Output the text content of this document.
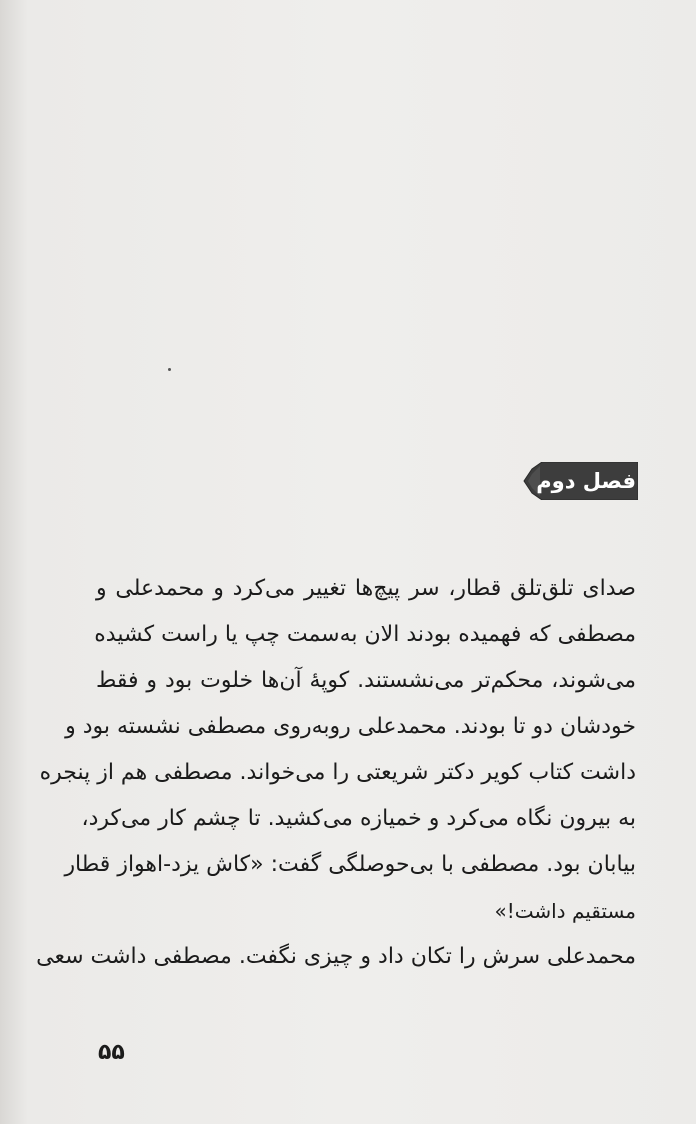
فصل دوم
صدای تلق‌تلق قطار، سر پیچ‌ها تغییر می‌کرد و محمدعلی و
مصطفی که فهمیده بودند الان به‌سمت چپ یا راست کشیده
می‌شوند، محکم‌تر می‌نشستند. کوپهٔ آن‌ها خلوت بود و فقط
خودشان دو تا بودند. محمدعلی روبه‌روی مصطفی نشسته بود و
داشت کتاب کویر دکتر شریعتی را می‌خواند. مصطفی هم از پنجره
به بیرون نگاه می‌کرد و خمیازه می‌کشید. تا چشم کار می‌کرد،
بیابان بود. مصطفی با بی‌حوصلگی گفت: «کاش یزد-اهواز قطار
مستقیم داشت!»
محمدعلی سرش را تکان داد و چیزی نگفت. مصطفی داشت سعی
۵۵
